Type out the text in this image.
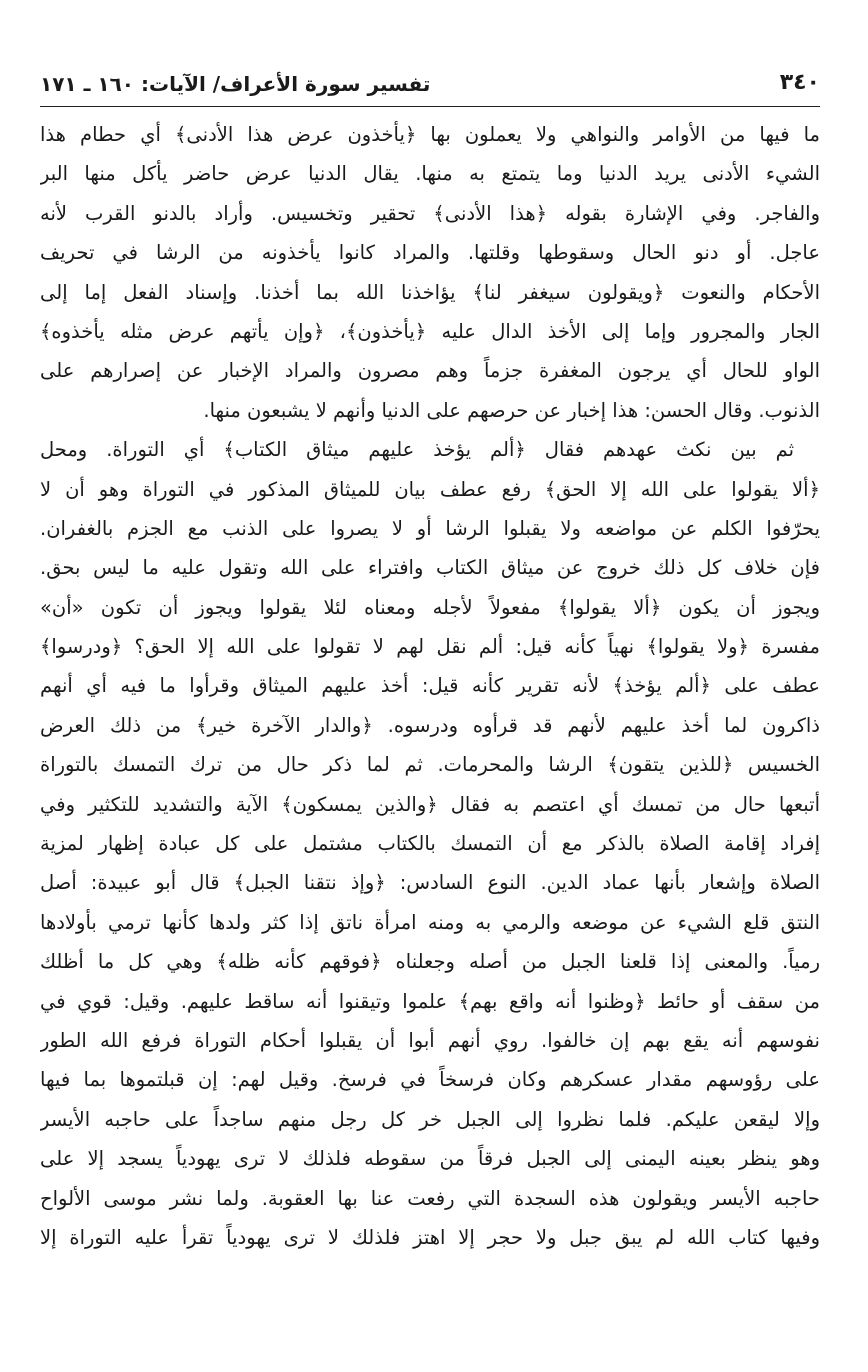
٣٤٠
تفسير سورة الأعراف/ الآيات: ١٦٠ ـ ١٧١
ما فيها من الأوامر والنواهي ولا يعملون بها ﴿يأخذون عرض هذا الأدنى﴾ أي حطام هذا
الشيء الأدنى يريد الدنيا وما يتمتع به منها. يقال الدنيا عرض حاضر يأكل منها البر
والفاجر. وفي الإشارة بقوله ﴿هذا الأدنى﴾ تحقير وتخسيس. وأراد بالدنو القرب لأنه
عاجل. أو دنو الحال وسقوطها وقلتها. والمراد كانوا يأخذونه من الرشا في تحريف
الأحكام والنعوت ﴿ويقولون سيغفر لنا﴾ يؤاخذنا الله بما أخذنا. وإسناد الفعل إما إلى
الجار والمجرور وإما إلى الأخذ الدال عليه ﴿يأخذون﴾، ﴿وإن يأتهم عرض مثله يأخذوه﴾
الواو للحال أي يرجون المغفرة جزماً وهم مصرون والمراد الإخبار عن إصرارهم على
الذنوب. وقال الحسن: هذا إخبار عن حرصهم على الدنيا وأنهم لا يشبعون منها.
ثم بين نكث عهدهم فقال ﴿ألم يؤخذ عليهم ميثاق الكتاب﴾ أي التوراة. ومحل
﴿ألا يقولوا على الله إلا الحق﴾ رفع عطف بيان للميثاق المذكور في التوراة وهو أن لا
يحرّفوا الكلم عن مواضعه ولا يقبلوا الرشا أو لا يصروا على الذنب مع الجزم بالغفران.
فإن خلاف كل ذلك خروج عن ميثاق الكتاب وافتراء على الله وتقول عليه ما ليس بحق.
ويجوز أن يكون ﴿ألا يقولوا﴾ مفعولاً لأجله ومعناه لئلا يقولوا ويجوز أن تكون «أن»
مفسرة ﴿ولا يقولوا﴾ نهياً كأنه قيل: ألم نقل لهم لا تقولوا على الله إلا الحق؟ ﴿ودرسوا﴾
عطف على ﴿ألم يؤخذ﴾ لأنه تقرير كأنه قيل: أخذ عليهم الميثاق وقرأوا ما فيه أي أنهم
ذاكرون لما أخذ عليهم لأنهم قد قرأوه ودرسوه. ﴿والدار الآخرة خير﴾ من ذلك العرض
الخسيس ﴿للذين يتقون﴾ الرشا والمحرمات. ثم لما ذكر حال من ترك التمسك بالتوراة
أتبعها حال من تمسك أي اعتصم به فقال ﴿والذين يمسكون﴾ الآية والتشديد للتكثير وفي
إفراد إقامة الصلاة بالذكر مع أن التمسك بالكتاب مشتمل على كل عبادة إظهار لمزية
الصلاة وإشعار بأنها عماد الدين. النوع السادس: ﴿وإذ نتقنا الجبل﴾ قال أبو عبيدة: أصل
النتق قلع الشيء عن موضعه والرمي به ومنه امرأة ناتق إذا كثر ولدها كأنها ترمي بأولادها
رمياً. والمعنى إذا قلعنا الجبل من أصله وجعلناه ﴿فوقهم كأنه ظله﴾ وهي كل ما أظلك
من سقف أو حائط ﴿وظنوا أنه واقع بهم﴾ علموا وتيقنوا أنه ساقط عليهم. وقيل: قوي في
نفوسهم أنه يقع بهم إن خالفوا. روي أنهم أبوا أن يقبلوا أحكام التوراة فرفع الله الطور
على رؤوسهم مقدار عسكرهم وكان فرسخاً في فرسخ. وقيل لهم: إن قبلتموها بما فيها
وإلا ليقعن عليكم. فلما نظروا إلى الجبل خر كل رجل منهم ساجداً على حاجبه الأيسر
وهو ينظر بعينه اليمنى إلى الجبل فرقاً من سقوطه فلذلك لا ترى يهودياً يسجد إلا على
حاجبه الأيسر ويقولون هذه السجدة التي رفعت عنا بها العقوبة. ولما نشر موسى الألواح
وفيها كتاب الله لم يبق جبل ولا حجر إلا اهتز فلذلك لا ترى يهودياً تقرأ عليه التوراة إلا
